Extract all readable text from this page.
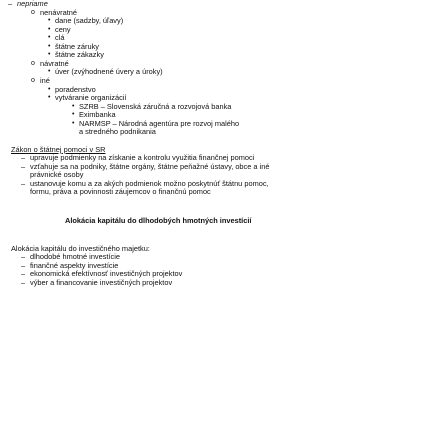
– nepriame
o nenávratné
• dane (sadzby, úľavy)
• ceny
• clá
• štátne záruky
• štátne zákazky
o návratné
• úver (zvýhodnené úvery a úroky)
o iné
• poradenstvo
• vytváranie organizácií
• SZRB – Slovenská záručná a rozvojová banka
• Eximbanka
• NARMSP – Národná agentúra pre rozvoj malého
a stredného podnikania
Zákon o štátnej pomoci v SR
– upravuje podmienky na získanie a kontrolu využitia finančnej pomoci
– vzťahuje sa na podniky, štátne orgány, štátne peňažné ústavy, obce a iné
právnické osoby
– ustanovuje komu a za akých podmienok možno poskytnúť štátnu pomoc,
formu, práva a povinnosti záujemcov o finančnú pomoc
Alokácia kapitálu do dlhodobých hmotných investícií
Alokácia kapitálu do investičného majetku:
– dlhodobé hmotné investície
– finančné aspekty investície
– ekonomická efektívnosť investičných projektov
– výber a financovanie investičných projektov
